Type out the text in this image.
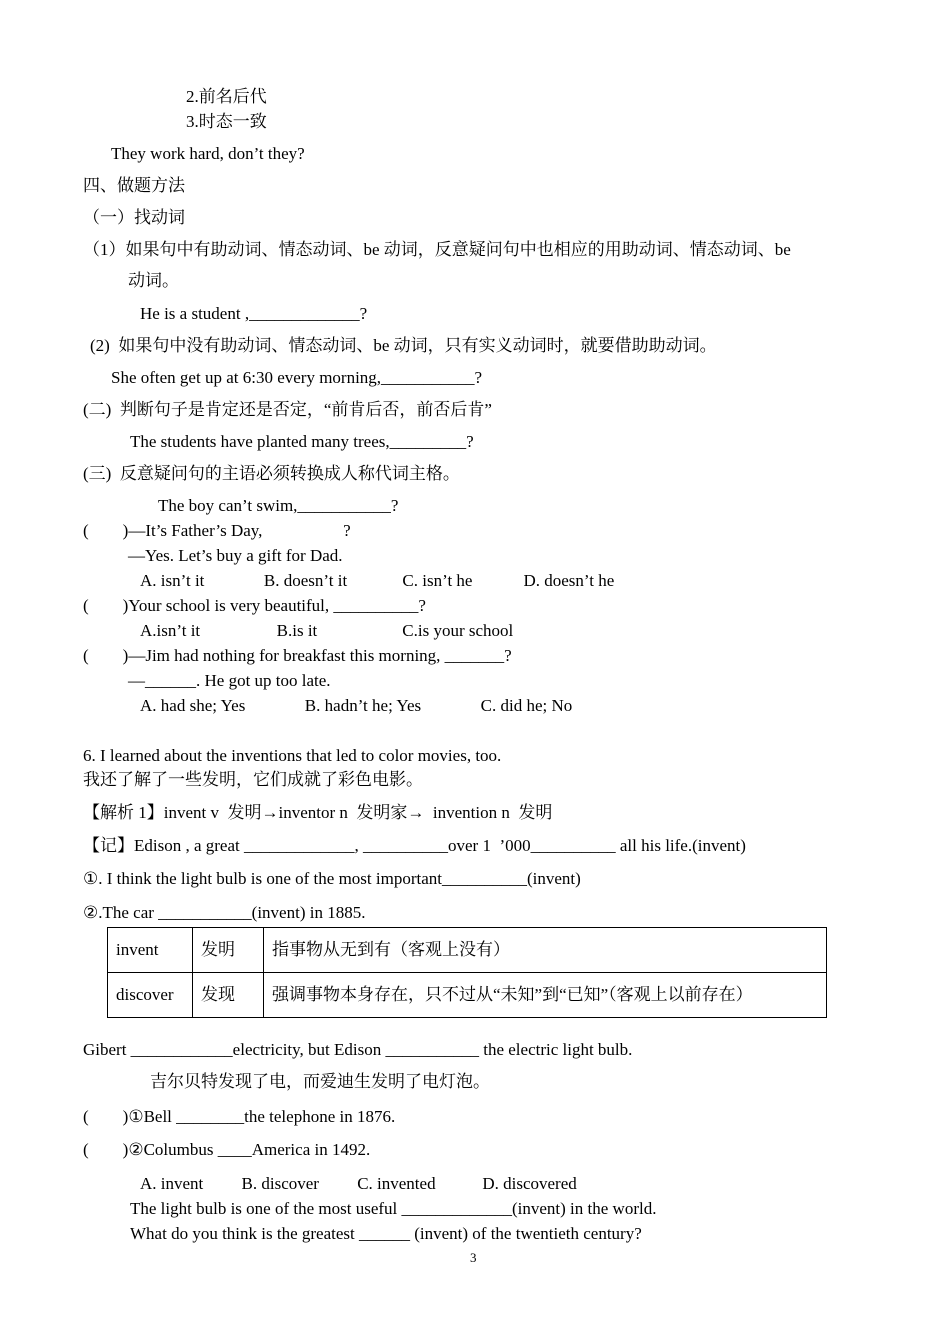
2.前名后代
3.时态一致
They work hard, don’t they?
四、做题方法
（一）找动词
（1）如果句中有助动词、情态动词、be 动词，反意疑问句中也相应的用助动词、情态动词、be
动词。
He is a student ,_____________?
(2)  如果句中没有助动词、情态动词、be 动词，只有实义动词时，就要借助助动词。
She often get up at 6:30 every morning,___________?
(二)  判断句子是肯定还是否定，“前肯后否，前否后肯”
The students have planted many trees,_________?
(三)  反意疑问句的主语必须转换成人称代词主格。
The boy can’t swim,___________?
(        )—It’s Father’s Day,                   ?
—Yes. Let’s buy a gift for Dad.
A. isn’t it              B. doesn’t it             C. isn’t he            D. doesn’t he
(        )Your school is very beautiful, __________?
A.isn’t it                  B.is it                    C.is your school
(        )—Jim had nothing for breakfast this morning, _______?
—______. He got up too late.
A. had she; Yes              B. hadn’t he; Yes              C. did he; No
6. I learned about the inventions that led to color movies, too.
我还了解了一些发明，它们成就了彩色电影。
【解析 1】invent v  发明→inventor n  发明家→  invention n  发明
【记】Edison , a great _____________, __________over 1  ’000__________ all his life.(invent)
①. I think the light bulb is one of the most important__________(invent)
②.The car ___________(invent) in 1885.
invent	发明	指事物从无到有（客观上没有）
discover	发现	强调事物本身存在，只不过从“未知”到“已知”（客观上以前存在）
Gibert ____________electricity, but Edison ___________ the electric light bulb.
吉尔贝特发现了电，而爱迪生发明了电灯泡。
(        )①Bell ________the telephone in 1876.
(        )②Columbus ____America in 1492.
A. invent         B. discover         C. invented           D. discovered
The light bulb is one of the most useful _____________(invent) in the world.
What do you think is the greatest ______ (invent) of the twentieth century?
3
